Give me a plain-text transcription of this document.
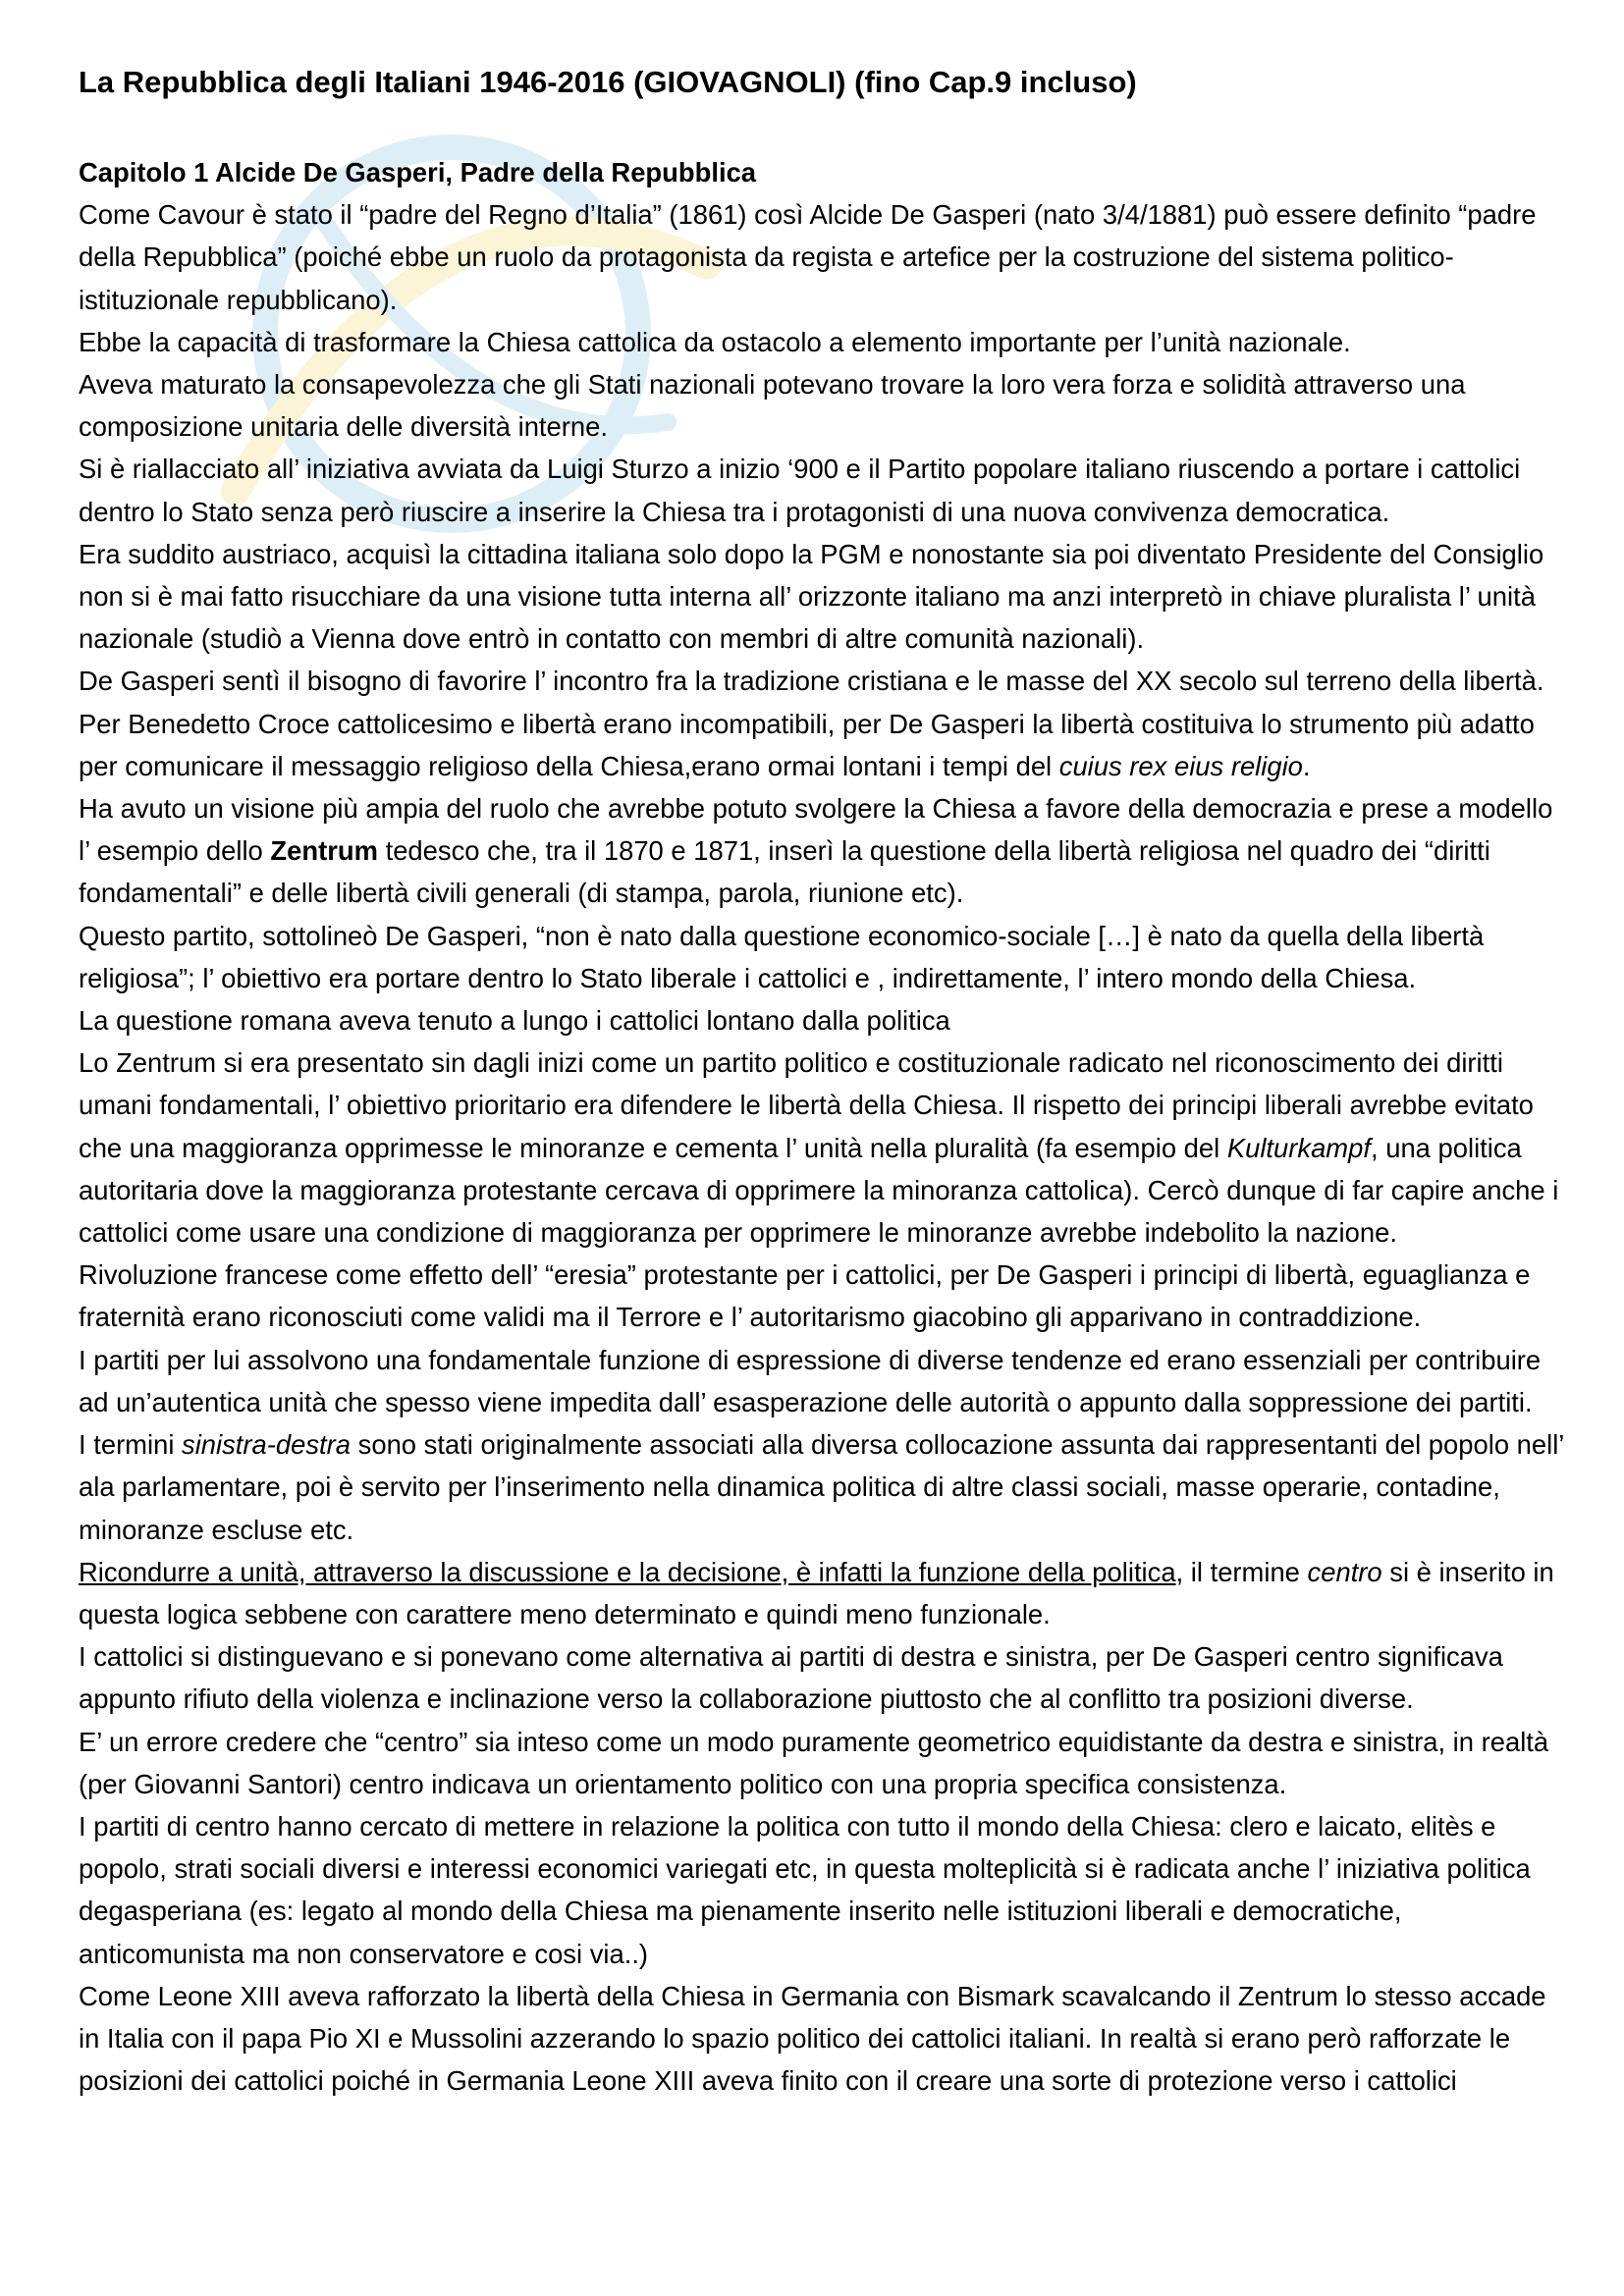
La Repubblica degli Italiani 1946-2016 (GIOVAGNOLI) (fino Cap.9 incluso)

Capitolo 1 Alcide De Gasperi, Padre della Repubblica

Come Cavour è stato il “padre del Regno d’Italia” (1861) così Alcide De Gasperi (nato 3/4/1881) può essere definito “padre della Repubblica” (poiché ebbe un ruolo da protagonista da regista e artefice per la costruzione del sistema politico-istituzionale repubblicano).

Ebbe la capacità di trasformare la Chiesa cattolica da ostacolo a elemento importante per l’unità nazionale.

Aveva maturato la consapevolezza che gli Stati nazionali potevano trovare la loro vera forza e solidità attraverso una composizione unitaria delle diversità interne.

Si è riallacciato all’ iniziativa avviata da Luigi Sturzo a inizio ‘900 e il Partito popolare italiano riuscendo a portare i cattolici dentro lo Stato senza però riuscire a inserire la Chiesa tra i protagonisti di una nuova convivenza democratica.

Era suddito austriaco, acquisì la cittadina italiana solo dopo la PGM e nonostante sia poi diventato Presidente del Consiglio non si è mai fatto risucchiare da una visione tutta interna all’ orizzonte italiano ma anzi interpretò in chiave pluralista l’ unità nazionale (studiò a Vienna dove entrò in contatto con membri di altre comunità nazionali).

De Gasperi sentì il bisogno di favorire l’ incontro fra la tradizione cristiana e le masse del XX secolo sul terreno della libertà.

Per Benedetto Croce cattolicesimo e libertà erano incompatibili, per De Gasperi la libertà costituiva lo strumento più adatto per comunicare il messaggio religioso della Chiesa,erano ormai lontani i tempi del cuius rex eius religio.

Ha avuto un visione più ampia del ruolo che avrebbe potuto svolgere la Chiesa a favore della democrazia e prese a modello l’ esempio dello Zentrum tedesco che, tra il 1870 e 1871, inserì la questione della libertà religiosa nel quadro dei “diritti fondamentali” e delle libertà civili generali (di stampa, parola, riunione etc).

Questo partito, sottolineò De Gasperi, “non è nato dalla questione economico-sociale […] è nato da quella della libertà religiosa”; l’ obiettivo era portare dentro lo Stato liberale i cattolici e , indirettamente, l’ intero mondo della Chiesa.

La questione romana aveva tenuto a lungo i cattolici lontano dalla politica

Lo Zentrum si era presentato sin dagli inizi come un partito politico e costituzionale radicato nel riconoscimento dei diritti umani fondamentali, l’ obiettivo prioritario era difendere le libertà della Chiesa. Il rispetto dei principi liberali avrebbe evitato che una maggioranza opprimesse le minoranze e cementa l’ unità nella pluralità (fa esempio del Kulturkampf, una politica autoritaria dove la maggioranza protestante cercava di opprimere la minoranza cattolica). Cercò dunque di far capire anche i cattolici come usare una condizione di maggioranza per opprimere le minoranze avrebbe indebolito la nazione.

Rivoluzione francese come effetto dell’ “eresia” protestante per i cattolici, per De Gasperi i principi di libertà, eguaglianza e fraternità erano riconosciuti come validi ma il Terrore e l’ autoritarismo giacobino gli apparivano in contraddizione.

I partiti per lui assolvono una fondamentale funzione di espressione di diverse tendenze ed erano essenziali per contribuire ad un’autentica unità che spesso viene impedita dall’ esasperazione delle autorità o appunto dalla soppressione dei partiti.

I termini sinistra-destra sono stati originalmente associati alla diversa collocazione assunta dai rappresentanti del popolo nell’ ala parlamentare, poi è servito per l’inserimento nella dinamica politica di altre classi sociali, masse operarie, contadine, minoranze escluse etc.

Ricondurre a unità, attraverso la discussione e la decisione, è infatti la funzione della politica, il termine centro si è inserito in questa logica sebbene con carattere meno determinato e quindi meno funzionale.

I cattolici si distinguevano e si ponevano come alternativa ai partiti di destra e sinistra, per De Gasperi centro significava appunto rifiuto della violenza e inclinazione verso la collaborazione piuttosto che al conflitto tra posizioni diverse.

E’ un errore credere che “centro” sia inteso come un modo puramente geometrico equidistante da destra e sinistra, in realtà (per Giovanni Santori) centro indicava un orientamento politico con una propria specifica consistenza.

I partiti di centro hanno cercato di mettere in relazione la politica con tutto il mondo della Chiesa: clero e laicato, elitès e popolo, strati sociali diversi e interessi economici variegati etc, in questa molteplicità si è radicata anche l’ iniziativa politica degasperiana (es: legato al mondo della Chiesa ma pienamente inserito nelle istituzioni liberali e democratiche, anticomunista ma non conservatore e cosi via..)

Come Leone XIII aveva rafforzato la libertà della Chiesa in Germania con Bismark scavalcando il Zentrum lo stesso accade in Italia con il papa Pio XI e Mussolini azzerando lo spazio politico dei cattolici italiani. In realtà si erano però rafforzate le posizioni dei cattolici poiché in Germania Leone XIII aveva finito con il creare una sorte di protezione verso i cattolici
